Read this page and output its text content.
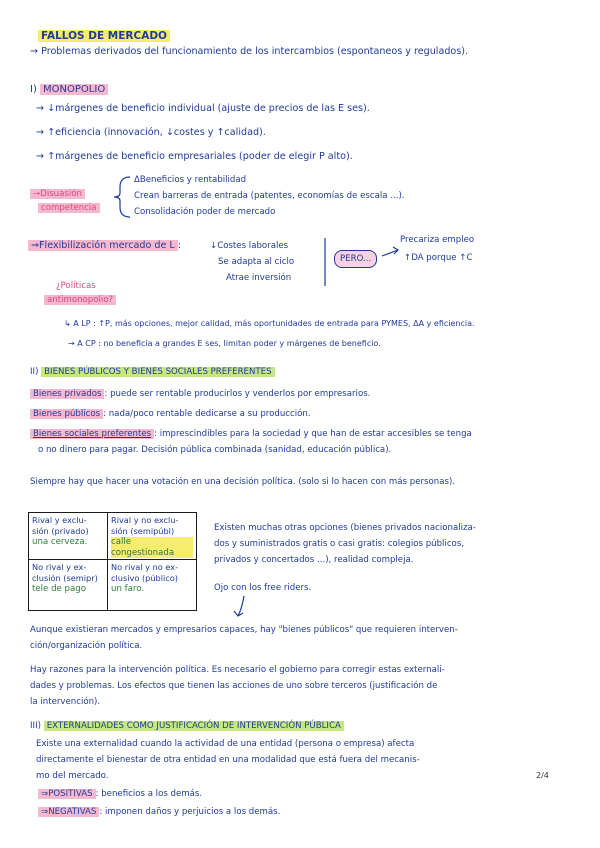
FALLOS DE MERCADO
→ Problemas derivados del funcionamiento de los intercambios (espontaneos y regulados).
I) MONOPOLIO
→ ↓márgenes de beneficio individual (ajuste de precios de las E ses).
→ ↑eficiencia (innovación, ↓costes y ↑calidad).
→ ↑márgenes de beneficio empresariales (poder de elegir P alto).
→Disuasión
competencia
ΔBeneficios y rentabilidad
Crean barreras de entrada (patentes, economías de escala ...).
Consolidación poder de mercado
⇒Flexibilización mercado de L :	↓Costes laborales
Se adapta al ciclo
Atrae inversión
PERO...
Precariza empleo
↑DA porque ↑C
¿Políticas
antimonopolio?
↳ A LP : ↑P, más opciones, mejor calidad, más oportunidades de entrada para PYMES, ΔA y eficiencia.
→ A CP : no beneficia a grandes E ses, limitan poder y márgenes de beneficio.
II) BIENES PÚBLICOS Y BIENES SOCIALES PREFERENTES
Bienes privados : puede ser rentable producirlos y venderlos por empresarios.
Bienes públicos : nada/poco rentable dedicarse a su producción.
Bienes sociales preferentes : imprescindibles para la sociedad y que han de estar accesibles se tenga
o no dinero para pagar. Decisión pública combinada (sanidad, educación pública).
Siempre hay que hacer una votación en una decisión política. (solo si lo hacen con más personas).
Rival y exclu- sión (privado)
una cerveza.
Rival y no exclu- sión (semipúbl)
calle congestionada
No rival y ex- clusión (semipr)
tele de pago
No rival y no ex- clusivo (público)
un faro.
Existen muchas otras opciones (bienes privados nacionaliza-
dos y suministrados gratis o casi gratis: colegios públicos,
privados y concertados ...), realidad compleja.
Ojo con los free riders.
Aunque existieran mercados y empresarios capaces, hay "bienes públicos" que requieren interven-
ción/organización política.
Hay razones para la intervención política. Es necesario el gobierno para corregir estas externali-
dades y problemas. Los efectos que tienen las acciones de uno sobre terceros (justificación de
la intervención).
III) EXTERNALIDADES COMO JUSTIFICACIÓN DE INTERVENCIÓN PÚBLICA
Existe una externalidad cuando la actividad de una entidad (persona o empresa) afecta
directamente el bienestar de otra entidad en una modalidad que está fuera del mecanis-
mo del mercado.	2/4
⇒POSITIVAS : beneficios a los demás.
⇒NEGATIVAS : imponen daños y perjuicios a los demás.
